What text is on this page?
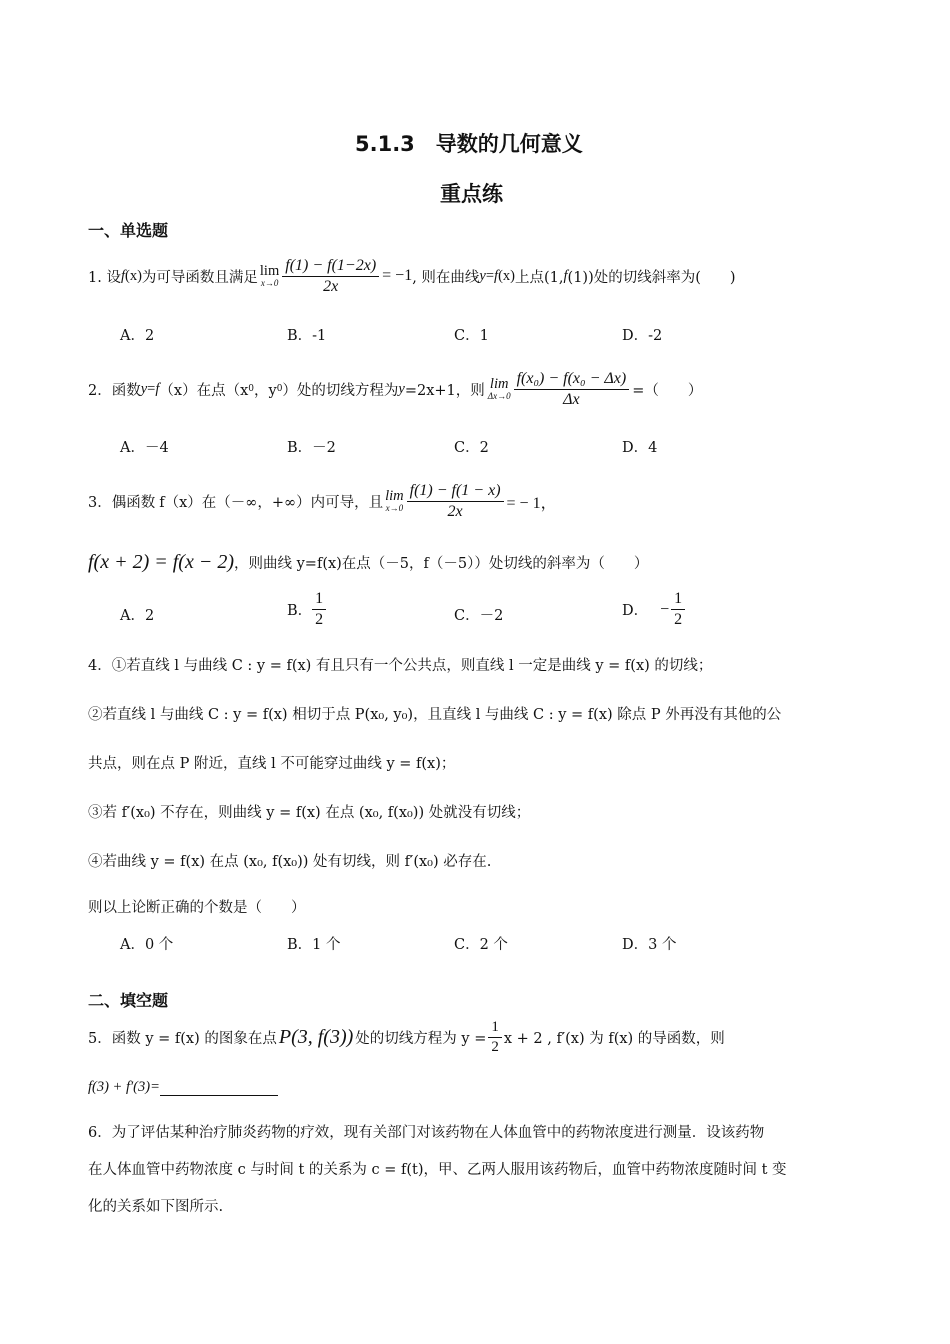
5.1.3　导数的几何意义
重点练
一、单选题
1. 设 f (x) 为可导函数且满足 lim
$x\to 0 \frac{f(1) - f(1-2x)}{2x} = -1$ , 则在曲线 y = f (x) 上点(1, f (1))处的切线斜率为(　　)
A．2	B．-1	C．1	D．-2
2．函数 y = f （x）在点（x 0 ，y 0 ）处的切线方程为 y =2x+1，则 lim
$\Delta x\to 0 \frac{\text{f(x₀) − f(x₀ − Δx)}}{\Delta x}$ =（　　）
A．－4	B．－2	C．2	D．4
3．偶函数 f（x）在（－∞，+∞）内可导，且 lim
$x\to 0 \frac{f(1) - f(1 - x)}{2x}$ = − 1，
f(x + 2) = f(x − 2) ，则曲线 y=f(x)在点（－5，f（－5））处切线的斜率为（　　）
A．2	B． $\frac{1}{2}$	C．－2	D． − $\frac{1}{2}$
4．①若直线 l 与曲线 C : y = f(x) 有且只有一个公共点，则直线 l 一定是曲线 y = f(x) 的切线；
②若直线 l 与曲线 C : y = f(x) 相切于点 P(x₀, y₀)，且直线 l 与曲线 C : y = f(x) 除点 P 外再没有其他的公
共点，则在点 P 附近，直线 l 不可能穿过曲线 y = f(x)；
③若 f′(x₀) 不存在，则曲线 y = f(x) 在点 (x₀, f(x₀)) 处就没有切线；
④若曲线 y = f(x) 在点 (x₀, f(x₀)) 处有切线，则 f′(x₀) 必存在.
则以上论断正确的个数是（　　）
A．0 个	B．1 个	C．2 个	D．3 个
二、填空题
5．函数 y = f(x) 的图象在点 P(3, f(3)) 处的切线方程为 $y = \frac{1}{2}$ x + 2 , f′(x) 为 f(x) 的导函数，则
f(3) + f′(3)=
6．为了评估某种治疗肺炎药物的疗效，现有关部门对该药物在人体血管中的药物浓度进行测量．设该药物
在人体血管中药物浓度 c 与时间 t 的关系为 c = f(t)，甲、乙两人服用该药物后，血管中药物浓度随时间 t 变
化的关系如下图所示.
